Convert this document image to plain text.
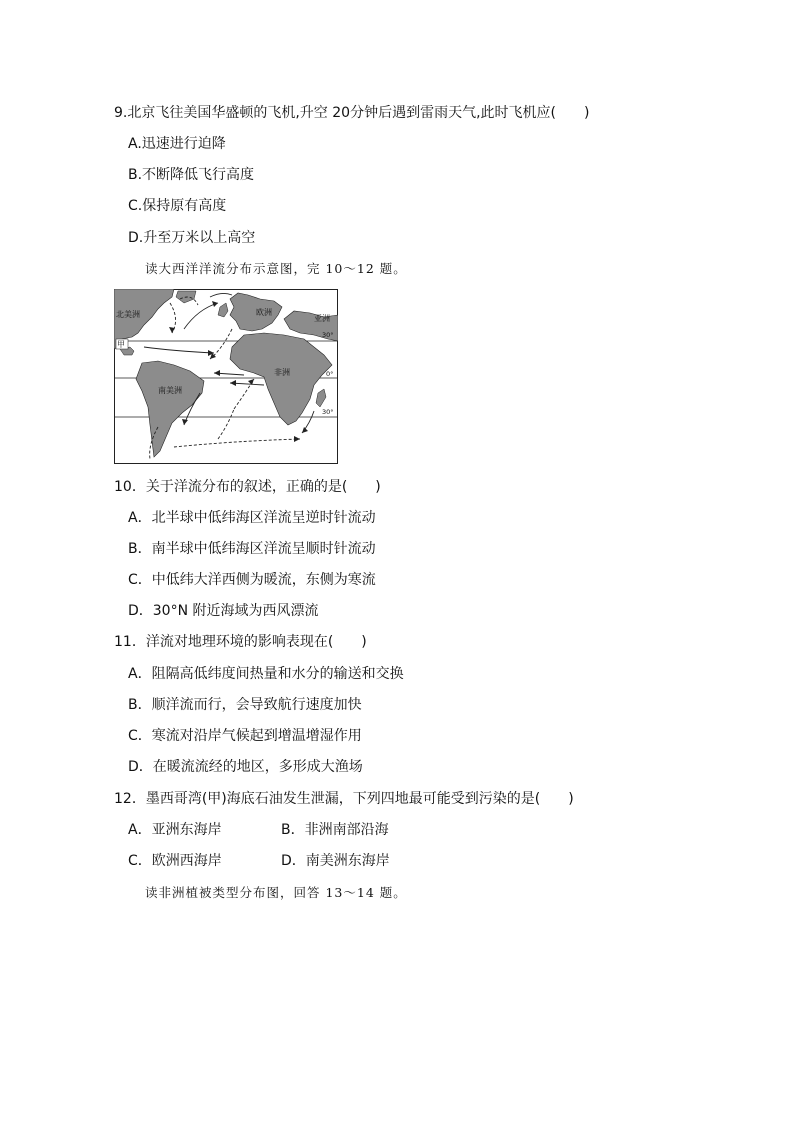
9.北京飞往美国华盛顿的飞机,升空 20分钟后遇到雷雨天气,此时飞机应(　　)
A.迅速进行迫降
B.不断降低飞行高度
C.保持原有高度
D.升至万米以上高空
读大西洋洋流分布示意图，完 10～12 题。
北美洲	欧洲
亚洲
甲
非洲
南美洲
30°
0°
30°
10．关于洋流分布的叙述，正确的是(　　)
A．北半球中低纬海区洋流呈逆时针流动
B．南半球中低纬海区洋流呈顺时针流动
C．中低纬大洋西侧为暖流，东侧为寒流
D．30°N 附近海域为西风漂流
11．洋流对地理环境的影响表现在(　　)
A．阻隔高低纬度间热量和水分的输送和交换
B．顺洋流而行，会导致航行速度加快
C．寒流对沿岸气候起到增温增湿作用
D．在暖流流经的地区，多形成大渔场
12．墨西哥湾(甲)海底石油发生泄漏，下列四地最可能受到污染的是(　　)
A．亚洲东海岸	B．非洲南部沿海
C．欧洲西海岸	D．南美洲东海岸
读非洲植被类型分布图，回答 13～14 题。
